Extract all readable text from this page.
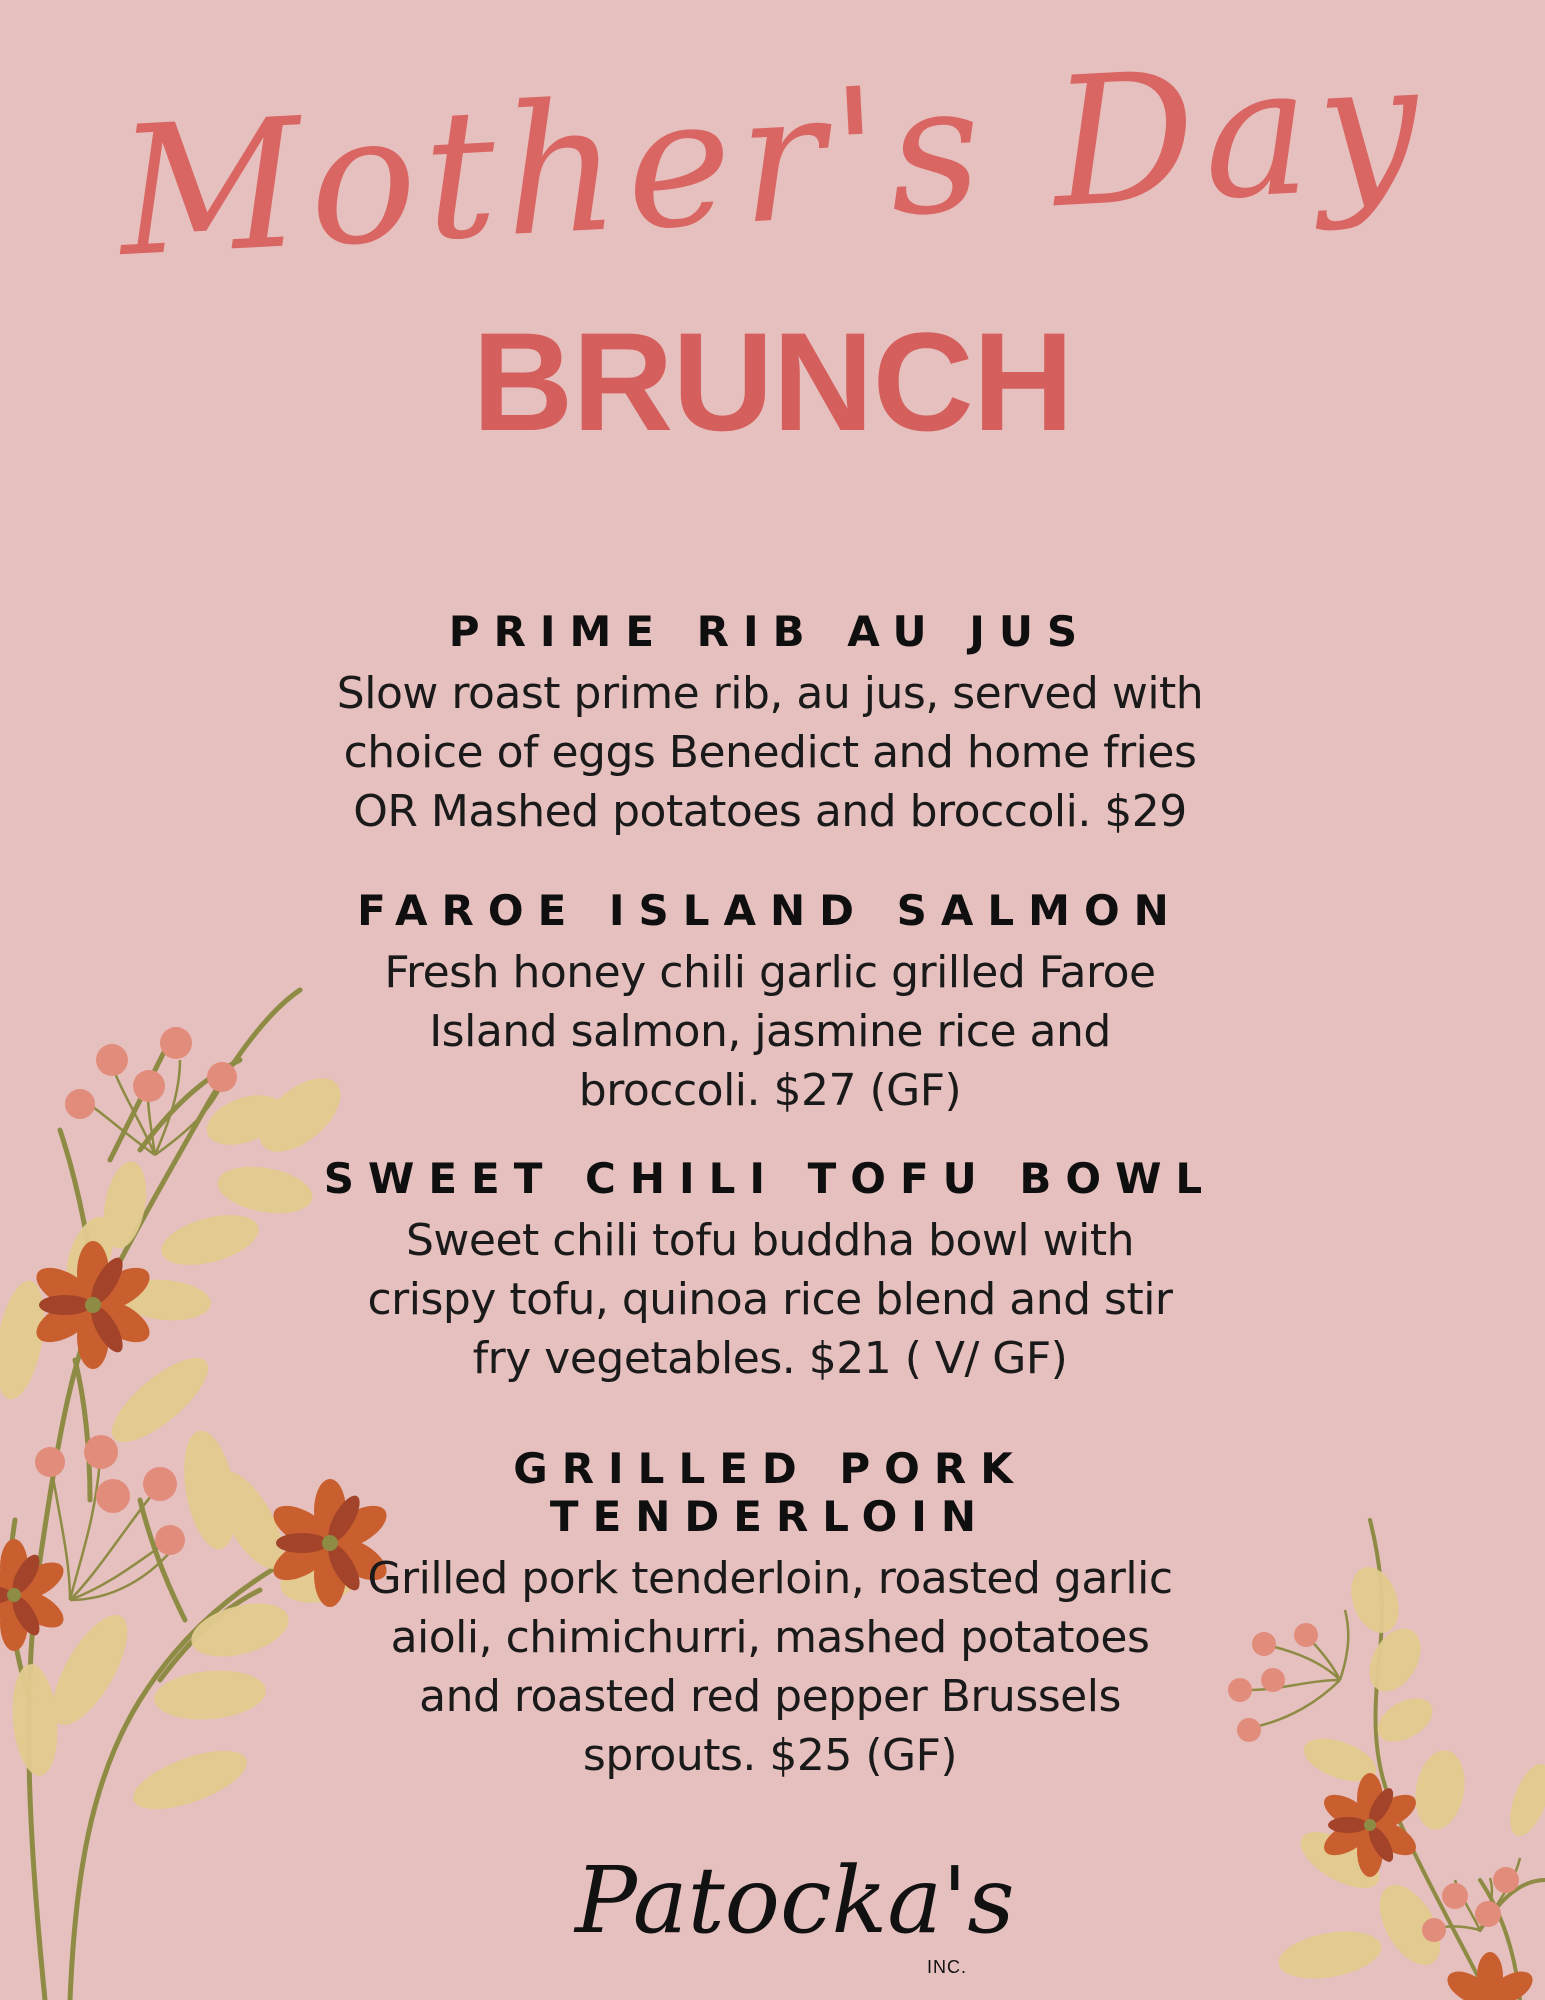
Mother's Day
BRUNCH
PRIME RIB AU JUS

Slow roast prime rib, au jus, served with choice of eggs Benedict and home fries OR Mashed potatoes and broccoli. $29

FAROE ISLAND SALMON

Fresh honey chili garlic grilled Faroe Island salmon, jasmine rice and broccoli. $27 (GF)

SWEET CHILI TOFU BOWL

Sweet chili tofu buddha bowl with crispy tofu, quinoa rice blend and stir fry vegetables. $21 ( V/ GF)

GRILLED PORK TENDERLOIN

Grilled pork tenderloin, roasted garlic aioli, chimichurri, mashed potatoes and roasted red pepper Brussels sprouts. $25 (GF)

Patocka's
INC.
